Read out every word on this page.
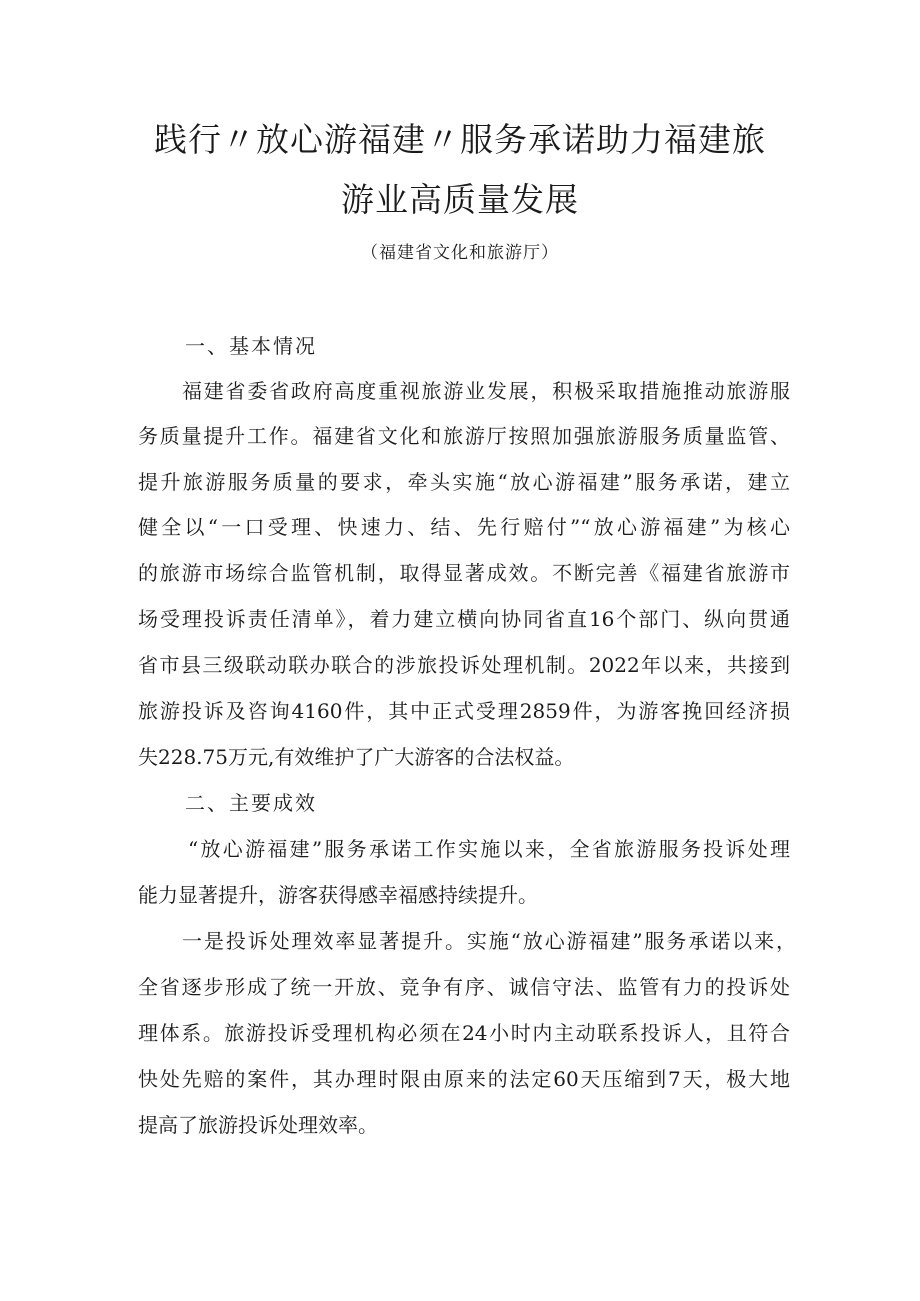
践行〃放心游福建〃服务承诺助力福建旅
游业高质量发展
（福建省文化和旅游厅）
一、基本情况
福建省委省政府高度重视旅游业发展，积极采取措施推动旅游服
务质量提升工作。福建省文化和旅游厅按照加强旅游服务质量监管、
提升旅游服务质量的要求，牵头实施“放心游福建”服务承诺，建立
健全以“一口受理、快速力、结、先行赔付”“放心游福建”为核心
的旅游市场综合监管机制，取得显著成效。不断完善《福建省旅游市
场受理投诉责任清单》，着力建立横向协同省直16个部门、纵向贯通
省市县三级联动联办联合的涉旅投诉处理机制。2022年以来，共接到
旅游投诉及咨询4160件，其中正式受理2859件，为游客挽回经济损
失228.75万元,有效维护了广大游客的合法权益。
二、主要成效
“放心游福建”服务承诺工作实施以来，全省旅游服务投诉处理
能力显著提升，游客获得感幸福感持续提升。
一是投诉处理效率显著提升。实施“放心游福建”服务承诺以来，
全省逐步形成了统一开放、竞争有序、诚信守法、监管有力的投诉处
理体系。旅游投诉受理机构必须在24小时内主动联系投诉人，且符合
快处先赔的案件，其办理时限由原来的法定60天压缩到7天，极大地
提高了旅游投诉处理效率。
